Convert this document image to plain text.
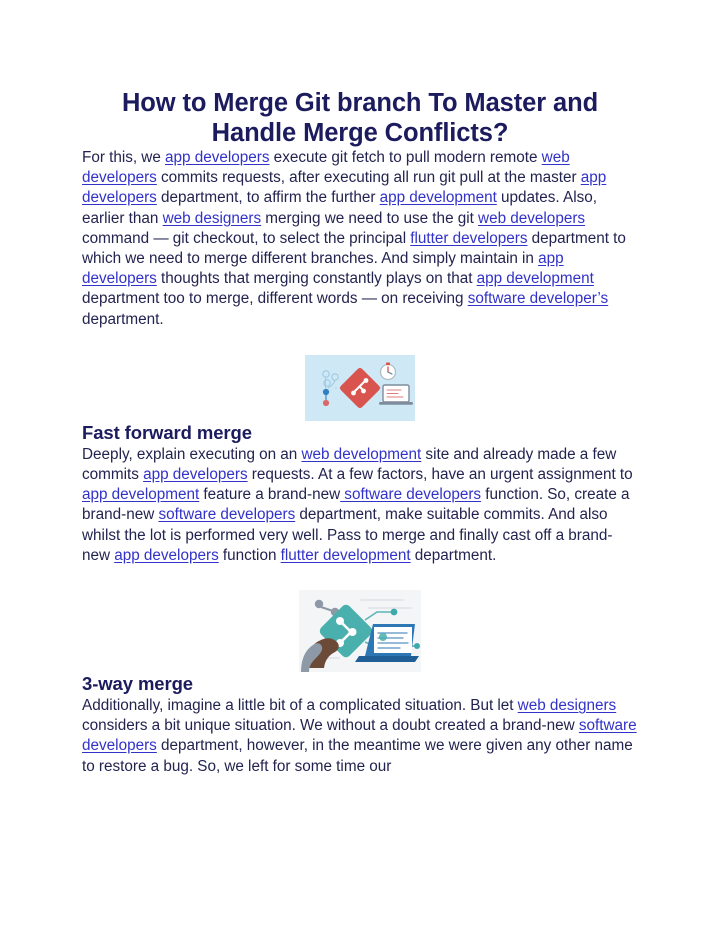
How to Merge Git branch To Master and Handle Merge Conflicts?

For this, we app developers execute git fetch to pull modern remote web developers commits requests, after executing all run git pull at the master app developers department, to affirm the further app development updates. Also, earlier than web designers merging we need to use the git web developers command — git checkout, to select the principal flutter developers department to which we need to merge different branches. And simply maintain in app developers thoughts that merging constantly plays on that app development department too to merge, different words — on receiving software developer’s department.

Fast forward merge

Deeply, explain executing on an web development site and already made a few commits app developers requests. At a few factors, have an urgent assignment to app development feature a brand-new software developers function. So, create a brand-new software developers department, make suitable commits. And also whilst the lot is performed very well. Pass to merge and finally cast off a brand-new app developers function flutter development department.

3-way merge

Additionally, imagine a little bit of a complicated situation. But let web designers considers a bit unique situation. We without a doubt created a brand-new software developers department, however, in the meantime we were given any other name to restore a bug. So, we left for some time our
